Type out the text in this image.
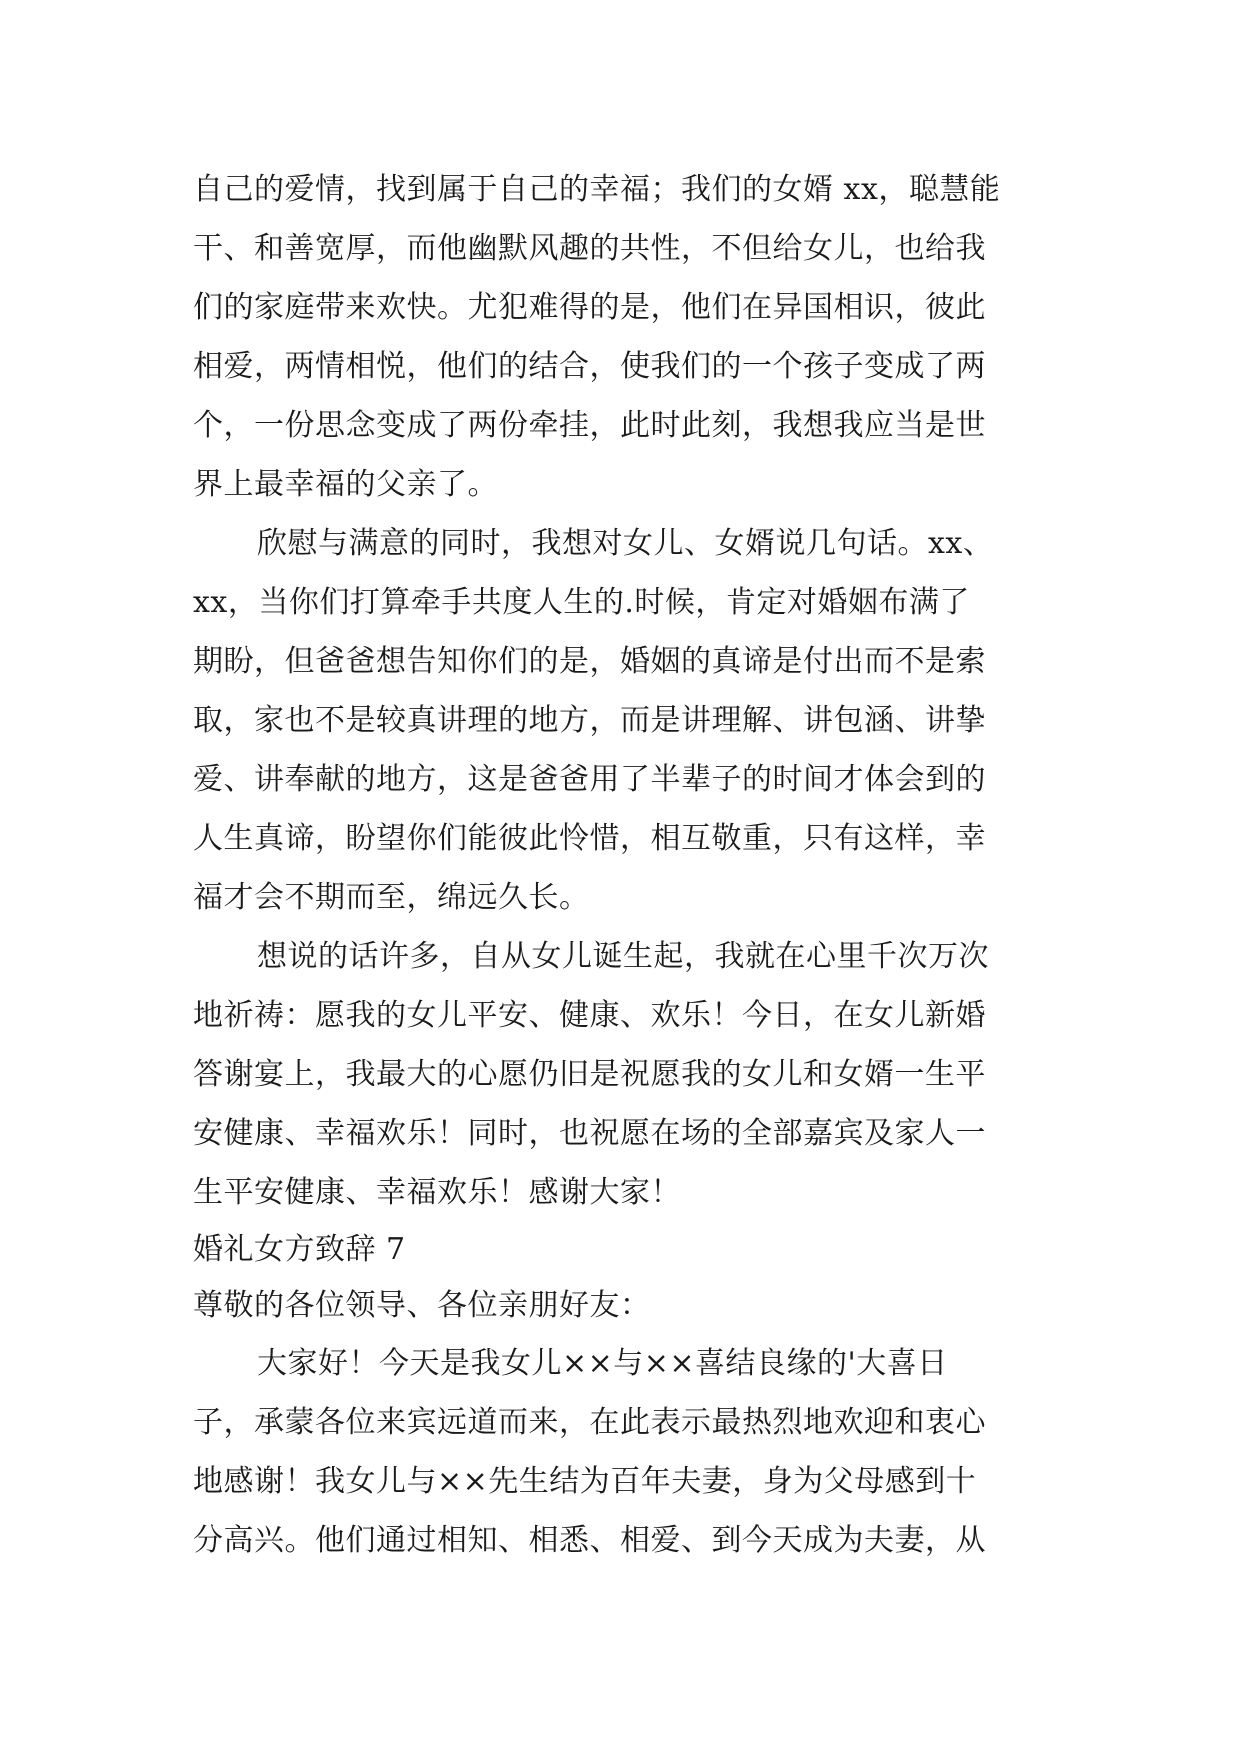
自己的爱情，找到属于自己的幸福；我们的女婿 xx，聪慧能
干、和善宽厚，而他幽默风趣的共性，不但给女儿，也给我
们的家庭带来欢快。尤犯难得的是，他们在异国相识，彼此
相爱，两情相悦，他们的结合，使我们的一个孩子变成了两
个，一份思念变成了两份牵挂，此时此刻，我想我应当是世
界上最幸福的父亲了。
欣慰与满意的同时，我想对女儿、女婿说几句话。xx、
xx，当你们打算牵手共度人生的.时候，肯定对婚姻布满了
期盼，但爸爸想告知你们的是，婚姻的真谛是付出而不是索
取，家也不是较真讲理的地方，而是讲理解、讲包涵、讲挚
爱、讲奉献的地方，这是爸爸用了半辈子的时间才体会到的
人生真谛，盼望你们能彼此怜惜，相互敬重，只有这样，幸
福才会不期而至，绵远久长。
想说的话许多，自从女儿诞生起，我就在心里千次万次
地祈祷：愿我的女儿平安、健康、欢乐！今日，在女儿新婚
答谢宴上，我最大的心愿仍旧是祝愿我的女儿和女婿一生平
安健康、幸福欢乐！同时，也祝愿在场的全部嘉宾及家人一
生平安健康、幸福欢乐！感谢大家！
婚礼女方致辞 7
尊敬的各位领导、各位亲朋好友：
大家好！今天是我女儿××与××喜结良缘的'大喜日
子，承蒙各位来宾远道而来，在此表示最热烈地欢迎和衷心
地感谢！我女儿与××先生结为百年夫妻，身为父母感到十
分高兴。他们通过相知、相悉、相爱、到今天成为夫妻，从
